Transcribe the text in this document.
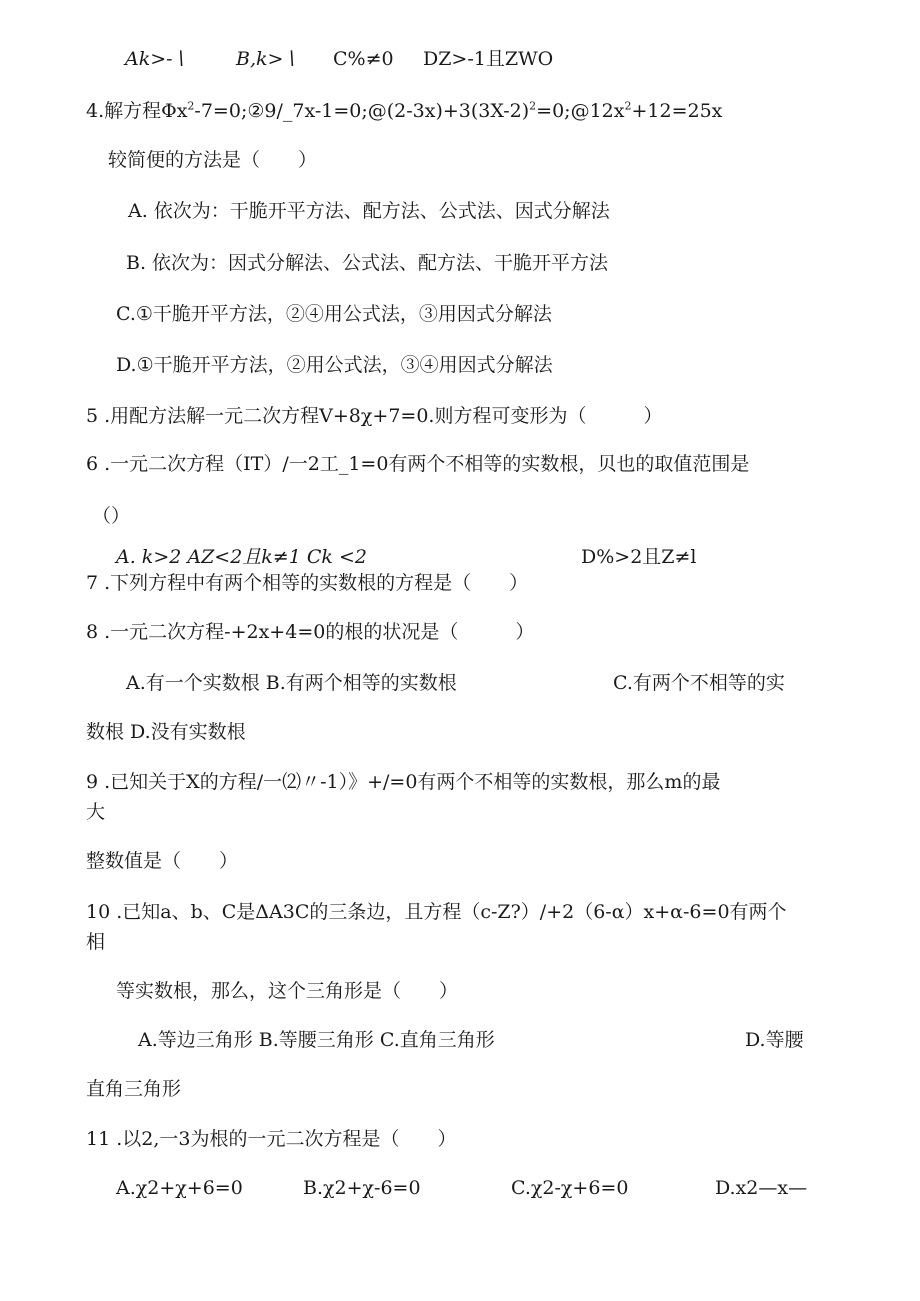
Ak>-∖	B,k>∖ C%≠0 DZ>-1且ZWO
4.解方程$\Phi x^2-7=0;②9/\_7x-1=0;@(2-3x)+3(3X-2)^2=0;@12x^2+12=25x$
较简便的方法是（　　）
A. 依次为：干脆开平方法、配方法、公式法、因式分解法
B. 依次为：因式分解法、公式法、配方法、干脆开平方法
C.①干脆开平方法，②④用公式法，③用因式分解法
D.①干脆开平方法，②用公式法，③④用因式分解法
5 .用配方法解一元二次方程V+8χ+7=0.则方程可变形为（　　　）
6 .一元二次方程（IT）/一2工_1=0有两个不相等的实数根，贝也的取值范围是
（）
A. k>2 AZ<2且k≠1 Ck <2	D%>2且Z≠l
7 .下列方程中有两个相等的实数根的方程是（　　）
8 .一元二次方程-+2x+4=0的根的状况是（　　　）
A.有一个实数根 B.有两个相等的实数根	C.有两个不相等的实
数根 D.没有实数根
9 .已知关于X的方程/一⑵〃-1）》+/=0有两个不相等的实数根，那么m的最
大
整数值是（　　）
10 .已知a、b、C是ΔA3C的三条边，且方程（c-Z?）/+2（6-α）x+α-6=0有两个
相
等实数根，那么，这个三角形是（　　）
A.等边三角形 B.等腰三角形 C.直角三角形	D.等腰
直角三角形
11 .以2,一3为根的一元二次方程是（　　）
A.χ2+χ+6=0	B.χ2+χ-6=0	C.χ2-χ+6=0	D.x2—x—
